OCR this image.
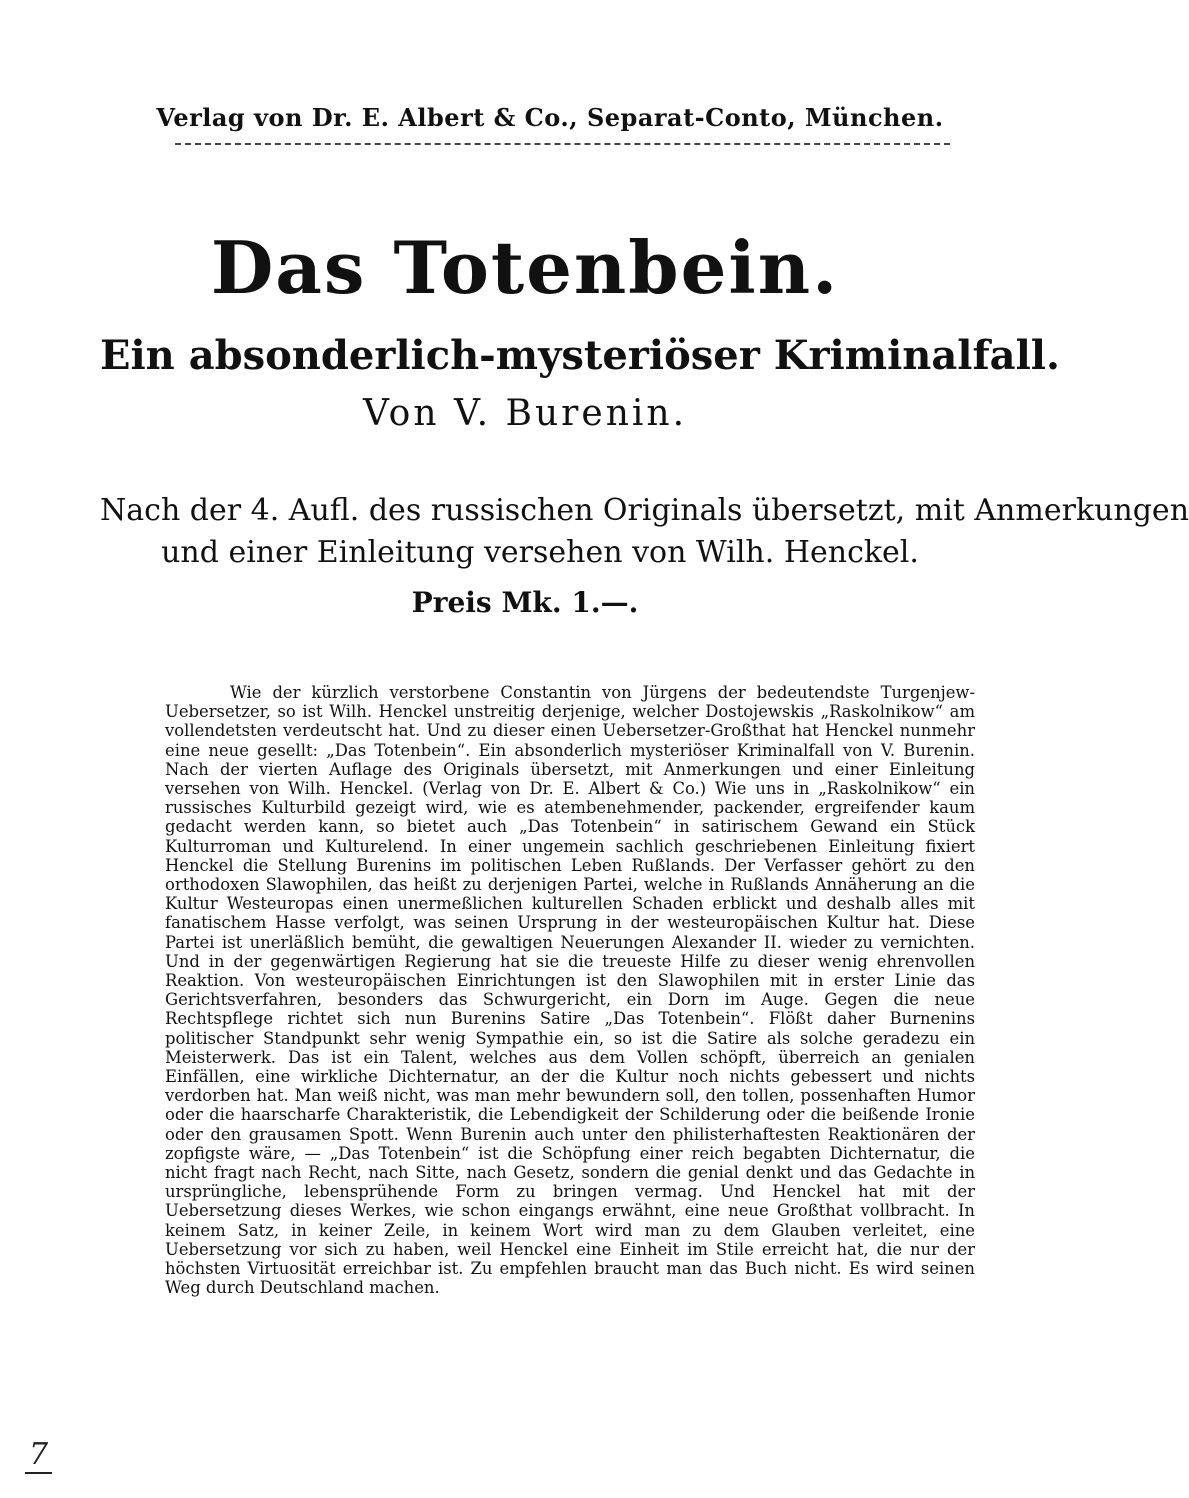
Verlag von Dr. E. Albert & Co., Separat-Conto, München.
Das Totenbein.
Ein absonderlich-mysteriöser Kriminalfall.
Von V. Burenin.
Nach der 4. Aufl. des russischen Originals übersetzt, mit Anmerkungen
und einer Einleitung versehen von Wilh. Henckel.
Preis Mk. 1.—.

Wie der kürzlich verstorbene Constantin von Jürgens der bedeutendste Turgenjew-Uebersetzer, so ist Wilh. Henckel unstreitig derjenige, welcher Dostojewskis „Raskolnikow“ am vollendetsten verdeutscht hat. Und zu dieser einen Uebersetzer-Großthat hat Henckel nunmehr eine neue gesellt: „Das Totenbein“. Ein absonderlich mysteriöser Kriminalfall von V. Burenin. Nach der vierten Auflage des Originals übersetzt, mit Anmerkungen und einer Einleitung versehen von Wilh. Henckel. (Verlag von Dr. E. Albert & Co.) Wie uns in „Raskolnikow“ ein russisches Kulturbild gezeigt wird, wie es atembenehmender, packender, ergreifender kaum gedacht werden kann, so bietet auch „Das Totenbein“ in satirischem Gewand ein Stück Kulturroman und Kulturelend. In einer ungemein sachlich geschriebenen Einleitung fixiert Henckel die Stellung Burenins im politischen Leben Rußlands. Der Verfasser gehört zu den orthodoxen Slawophilen, das heißt zu derjenigen Partei, welche in Rußlands Annäherung an die Kultur Westeuropas einen unermeßlichen kulturellen Schaden erblickt und deshalb alles mit fanatischem Hasse verfolgt, was seinen Ursprung in der westeuropäischen Kultur hat. Diese Partei ist unerläßlich bemüht, die gewaltigen Neuerungen Alexander II. wieder zu vernichten. Und in der gegenwärtigen Regierung hat sie die treueste Hilfe zu dieser wenig ehrenvollen Reaktion. Von westeuropäischen Einrichtungen ist den Slawophilen mit in erster Linie das Gerichtsverfahren, besonders das Schwurgericht, ein Dorn im Auge. Gegen die neue Rechtspflege richtet sich nun Burenins Satire „Das Totenbein“. Flößt daher Burnenins politischer Standpunkt sehr wenig Sympathie ein, so ist die Satire als solche geradezu ein Meisterwerk. Das ist ein Talent, welches aus dem Vollen schöpft, überreich an genialen Einfällen, eine wirkliche Dichternatur, an der die Kultur noch nichts gebessert und nichts verdorben hat. Man weiß nicht, was man mehr bewundern soll, den tollen, possenhaften Humor oder die haarscharfe Charakteristik, die Lebendigkeit der Schilderung oder die beißende Ironie oder den grausamen Spott. Wenn Burenin auch unter den philisterhaftesten Reaktionären der zopfigste wäre, — „Das Totenbein“ ist die Schöpfung einer reich begabten Dichternatur, die nicht fragt nach Recht, nach Sitte, nach Gesetz, sondern die genial denkt und das Gedachte in ursprüngliche, lebensprühende Form zu bringen vermag. Und Henckel hat mit der Uebersetzung dieses Werkes, wie schon eingangs erwähnt, eine neue Großthat vollbracht. In keinem Satz, in keiner Zeile, in keinem Wort wird man zu dem Glauben verleitet, eine Uebersetzung vor sich zu haben, weil Henckel eine Einheit im Stile erreicht hat, die nur der höchsten Virtuosität erreichbar ist. Zu empfehlen braucht man das Buch nicht. Es wird seinen Weg durch Deutschland machen.

7
